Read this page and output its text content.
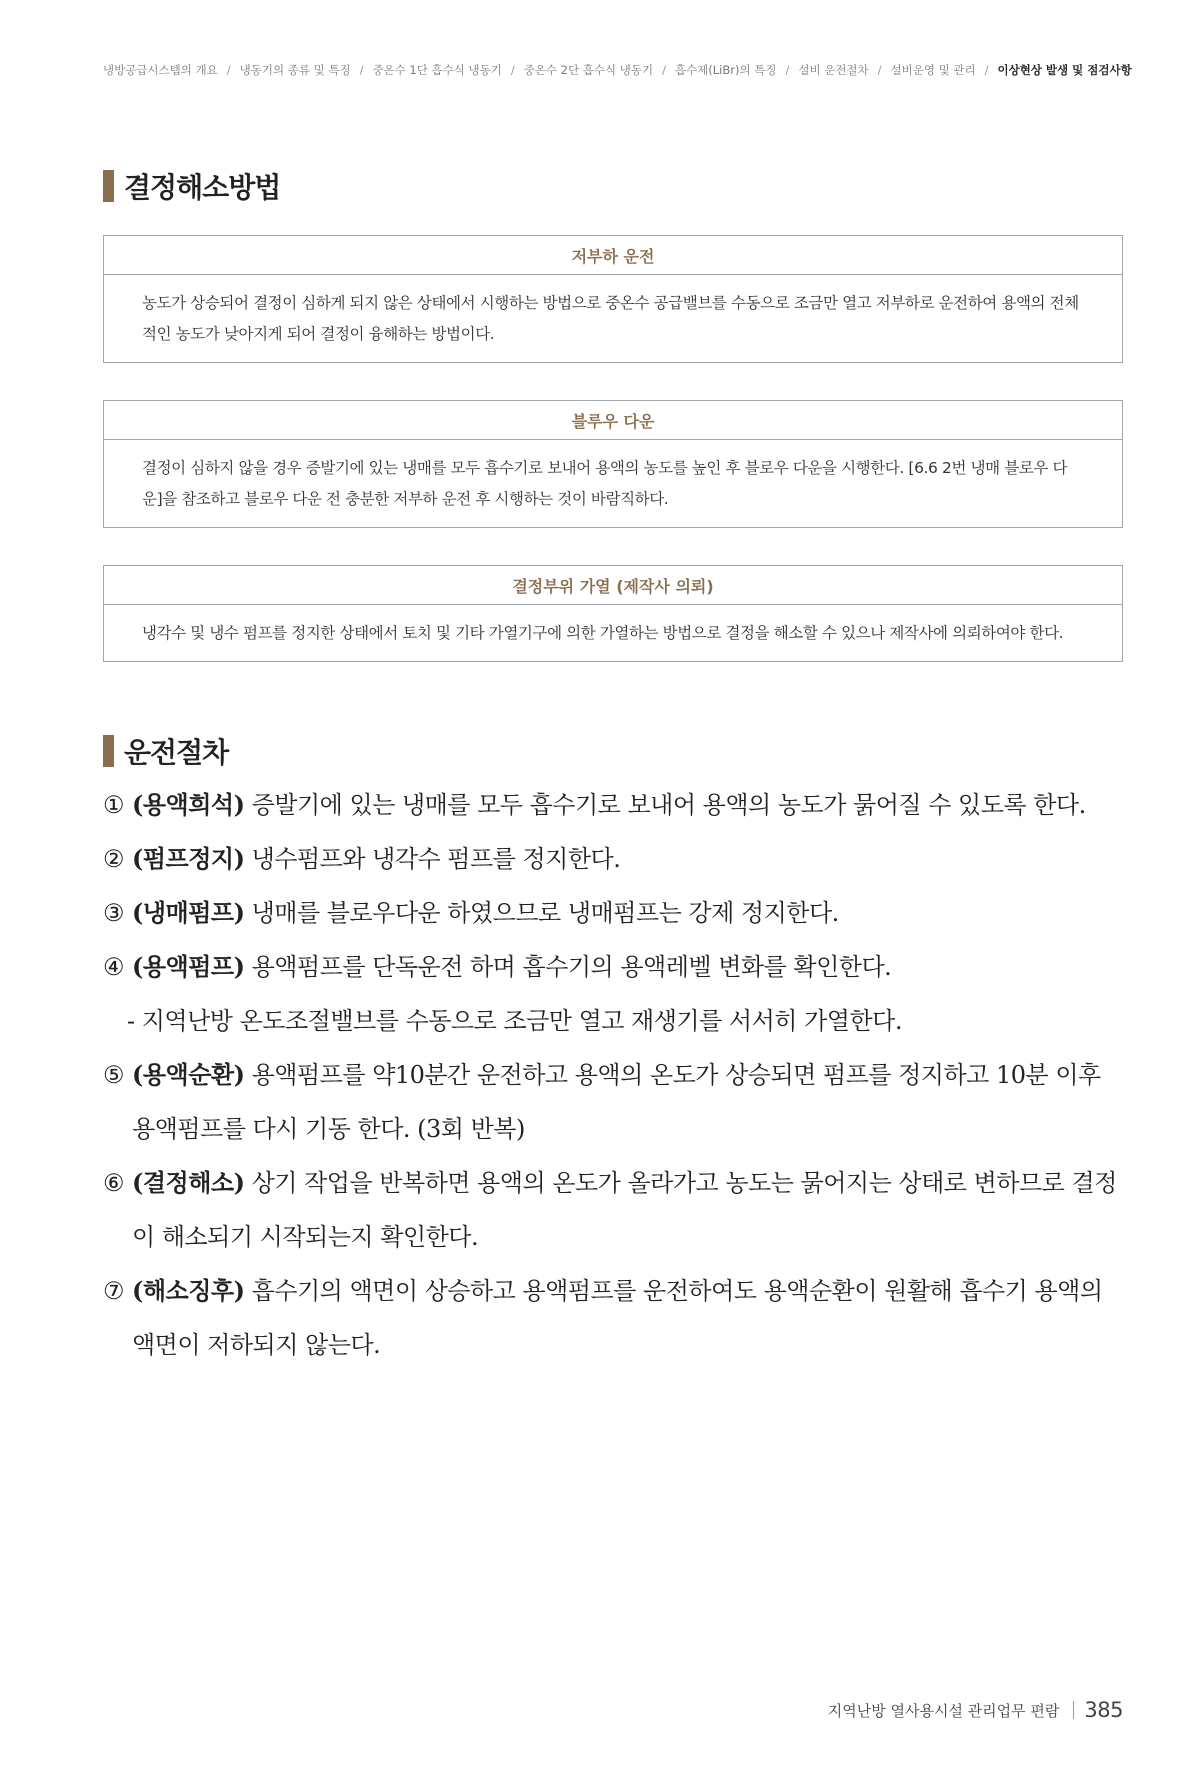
냉방공급시스템의 개요 / 냉동기의 종류 및 특징 / 중온수 1단 흡수식 냉동기 / 중온수 2단 흡수식 냉동기 / 흡수제(LiBr)의 특징 / 설비 운전절차 / 설비운영 및 관리 / 이상현상 발생 및 점검사항
결정해소방법
저부하 운전
농도가 상승되어 결정이 심하게 되지 않은 상태에서 시행하는 방법으로 중온수 공급밸브를 수동으로 조금만 열고 저부하로 운전하여 용액의 전체적인 농도가 낮아지게 되어 결정이 융해하는 방법이다.
블루우 다운
결정이 심하지 않을 경우 증발기에 있는 냉매를 모두 흡수기로 보내어 용액의 농도를 높인 후 블로우 다운을 시행한다. [6.6 2번 냉매 블로우 다운]을 참조하고 블로우 다운 전 충분한 저부하 운전 후 시행하는 것이 바람직하다.
결정부위 가열 (제작사 의뢰)
냉각수 및 냉수 펌프를 정지한 상태에서 토치 및 기타 가열기구에 의한 가열하는 방법으로 결정을 해소할 수 있으나 제작사에 의뢰하여야 한다.
운전절차
① (용액희석) 증발기에 있는 냉매를 모두 흡수기로 보내어 용액의 농도가 묽어질 수 있도록 한다.
② (펌프정지) 냉수펌프와 냉각수 펌프를 정지한다.
③ (냉매펌프) 냉매를 블로우다운 하였으므로 냉매펌프는 강제 정지한다.
④ (용액펌프) 용액펌프를 단독운전 하며 흡수기의 용액레벨 변화를 확인한다.
- 지역난방 온도조절밸브를 수동으로 조금만 열고 재생기를 서서히 가열한다.
⑤ (용액순환) 용액펌프를 약10분간 운전하고 용액의 온도가 상승되면 펌프를 정지하고 10분 이후 용액펌프를 다시 기동 한다. (3회 반복)
⑥ (결정해소) 상기 작업을 반복하면 용액의 온도가 올라가고 농도는 묽어지는 상태로 변하므로 결정이 해소되기 시작되는지 확인한다.
⑦ (해소징후) 흡수기의 액면이 상승하고 용액펌프를 운전하여도 용액순환이 원활해 흡수기 용액의 액면이 저하되지 않는다.
지역난방 열사용시설 관리업무 편람 385
